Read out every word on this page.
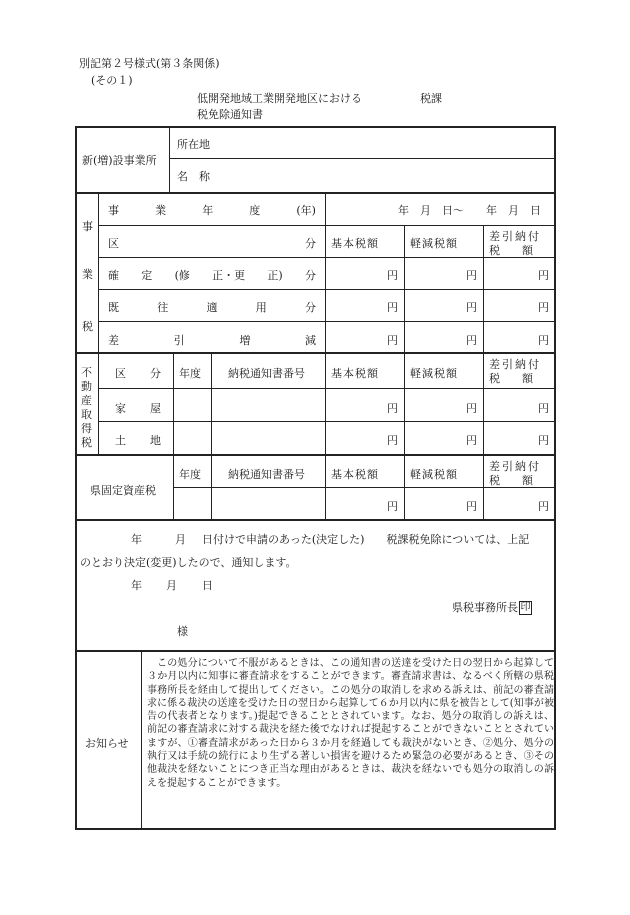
別記第２号様式(第３条関係)
(その１)
低開発地域工業開発地区における	税課
税免除通知書
新(増)設事業所
所在地
名　称
事
業
税
事	業	年	度	(年)	年　月　日～　　年　月　日
区	分 基本税額	軽減税額
差引納付
税　　額
確 定 (修 正・更 正) 分	円	円	円
既	往	適	用	分	円	円	円
差	引	増	減	円	円	円
不
動
産
取
得
税
区 分 年度 納税通知書番号 基本税額	軽減税額
差引納付
税　　額
家 屋	円	円	円
土 地	円	円	円
県固定資産税
年度 納税通知書番号 基本税額	軽減税額
差引納付
税　　額
円	円	円
年	月 日付けで申請のあった(決定した)　　税課税免除については、上記
のとおり決定(変更)したので、通知します。
年 月 日
県税事務所長 印
様
お知らせ
この処分について不服があるときは、この通知書の送達を受けた日の翌日から起算して３か月以内に知事に審査請求をすることができます。審査請求書は、なるべく所轄の県税事務所長を経由して提出してください。この処分の取消しを求める訴えは、前記の審査請求に係る裁決の送達を受けた日の翌日から起算して６か月以内に県を被告として(知事が被告の代表者となります。)提起できることとされています。なお、処分の取消しの訴えは、前記の審査請求に対する裁決を経た後でなければ提起することができないこととされていますが、①審査請求があった日から３か月を経過しても裁決がないとき、②処分、処分の執行又は手続の続行により生ずる著しい損害を避けるため緊急の必要があるとき、③その他裁決を経ないことにつき正当な理由があるときは、裁決を経ないでも処分の取消しの訴えを提起することができます。
